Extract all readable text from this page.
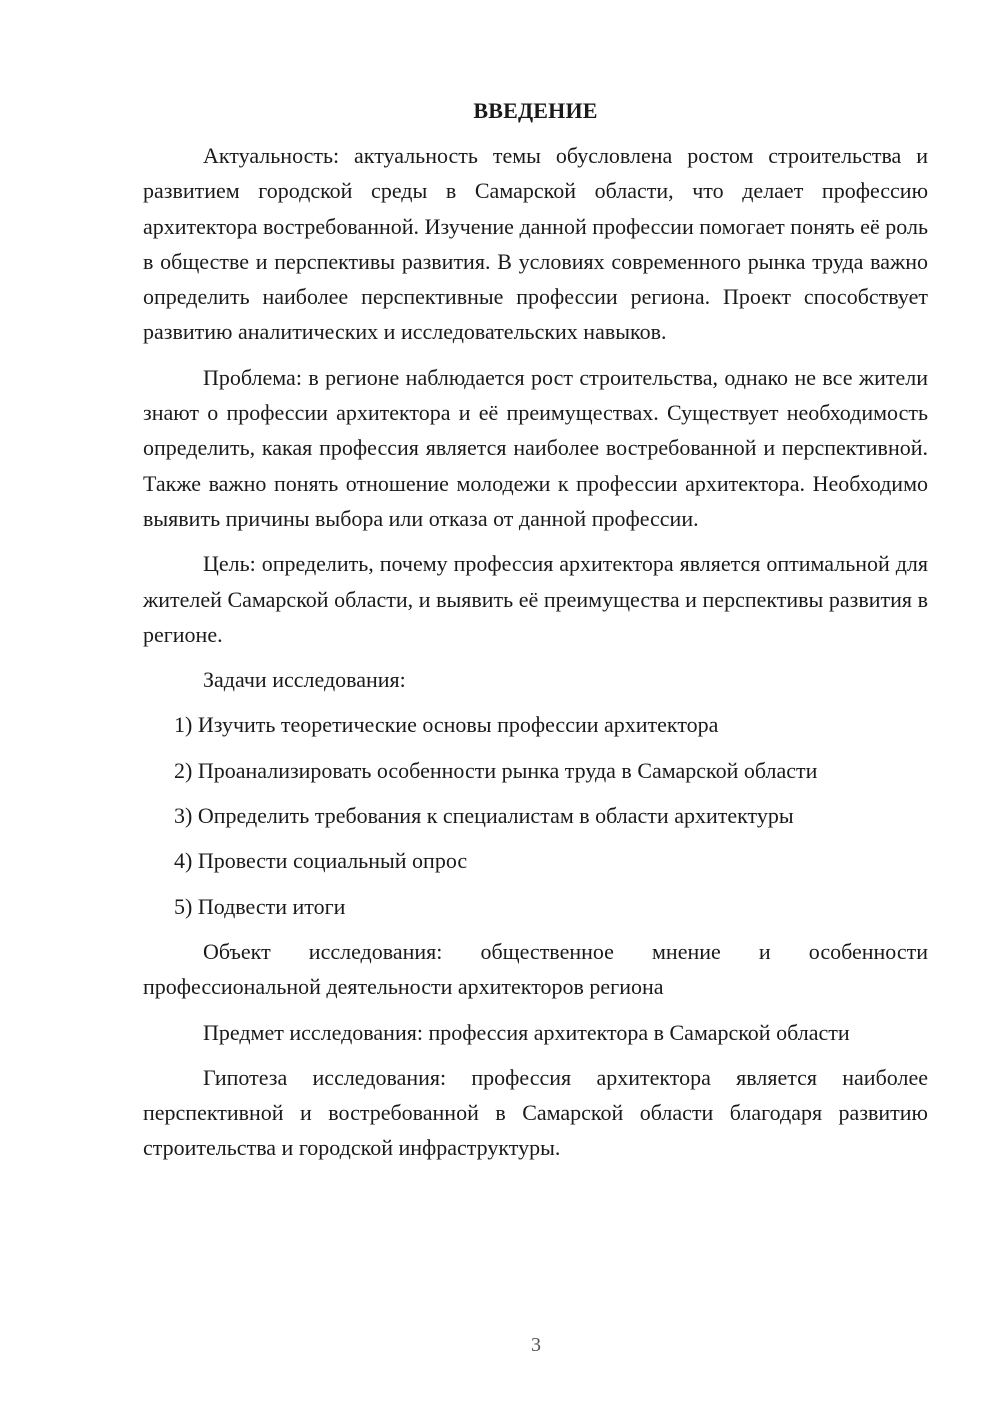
ВВЕДЕНИЕ

Актуальность: актуальность темы обусловлена ростом строительства и развитием городской среды в Самарской области, что делает профессию архитектора востребованной. Изучение данной профессии помогает понять её роль в обществе и перспективы развития. В условиях современного рынка труда важно определить наиболее перспективные профессии региона. Проект способствует развитию аналитических и исследовательских навыков.

Проблема: в регионе наблюдается рост строительства, однако не все жители знают о профессии архитектора и её преимуществах. Существует необходимость определить, какая профессия является наиболее востребованной и перспективной. Также важно понять отношение молодежи к профессии архитектора. Необходимо выявить причины выбора или отказа от данной профессии.

Цель: определить, почему профессия архитектора является оптимальной для жителей Самарской области, и выявить её преимущества и перспективы развития в регионе.

Задачи исследования:

1) Изучить теоретические основы профессии архитектора
2) Проанализировать особенности рынка труда в Самарской области
3) Определить требования к специалистам в области архитектуры
4) Провести социальный опрос
5) Подвести итоги

Объект исследования: общественное мнение и особенности профессиональной деятельности архитекторов региона

Предмет исследования: профессия архитектора в Самарской области

Гипотеза исследования: профессия архитектора является наиболее перспективной и востребованной в Самарской области благодаря развитию строительства и городской инфраструктуры.

3
